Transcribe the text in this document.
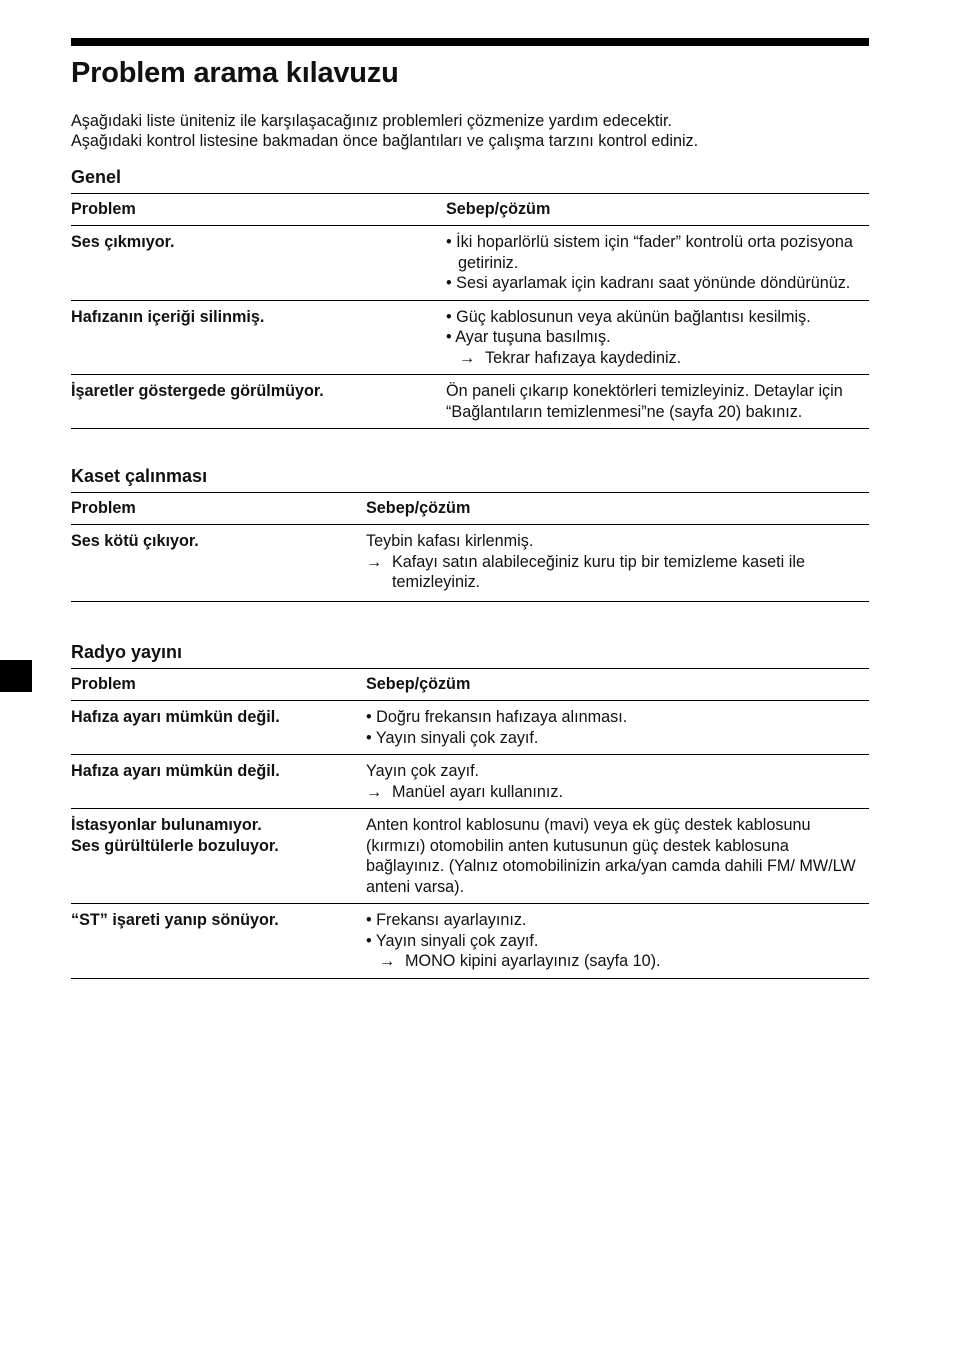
Problem arama kılavuzu

Aşağıdaki liste üniteniz ile karşılaşacağınız problemleri çözmenize yardım edecektir.

Aşağıdaki kontrol listesine bakmadan önce bağlantıları ve çalışma tarzını kontrol ediniz.

Genel
Problem	Sebep/çözüm
Ses çıkmıyor.	• İki hoparlörlü sistem için “fader” kontrolü orta pozisyona getiriniz.
• Sesi ayarlamak için kadranı saat yönünde döndürünüz.

Hafızanın içeriği silinmiş.	• Güç kablosunun veya akünün bağlantısı kesilmiş.
• Ayar tuşuna basılmış.
→ Tekrar hafızaya kaydediniz.

İşaretler göstergede görülmüyor.	Ön paneli çıkarıp konektörleri temizleyiniz. Detaylar için “Bağlantıların temizlenmesi”ne (sayfa 20) bakınız.
Kaset çalınması
Problem	Sebep/çözüm
Ses kötü çıkıyor.	Teybin kafası kirlenmiş.
→ Kafayı satın alabileceğiniz kuru tip bir temizleme kaseti ile temizleyiniz.
Radyo yayını
Problem	Sebep/çözüm
Hafıza ayarı mümkün değil.	• Doğru frekansın hafızaya alınması.
• Yayın sinyali çok zayıf.

Hafıza ayarı mümkün değil.	Yayın çok zayıf.
→ Manüel ayarı kullanınız.

İstasyonlar bulunamıyor.
Ses gürültülerle bozuluyor.	Anten kontrol kablosunu (mavi) veya ek güç destek kablosunu (kırmızı) otomobilin anten kutusunun güç destek kablosuna bağlayınız. (Yalnız otomobilinizin arka/yan camda dahili FM/ MW/LW anteni varsa).

“ST” işareti yanıp sönüyor.	• Frekansı ayarlayınız.
• Yayın sinyali çok zayıf.
→ MONO kipini ayarlayınız (sayfa 10).
